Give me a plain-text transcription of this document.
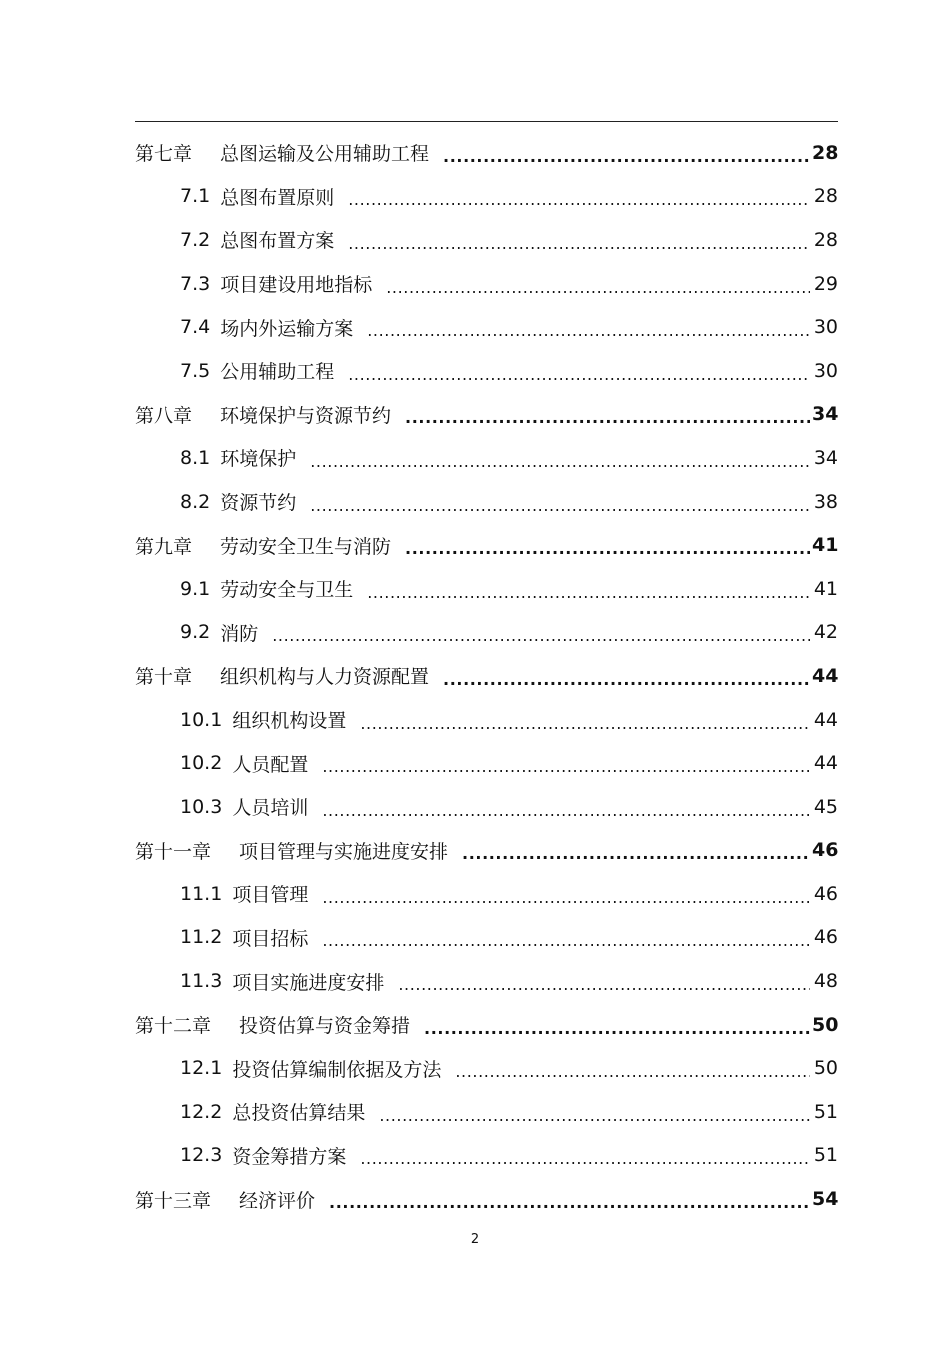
第七章 总图运输及公用辅助工程 .....	28
7.1 总图布置原则 .....	28
7.2 总图布置方案 .....	28
7.3 项目建设用地指标 .....	29
7.4 场内外运输方案 .....	30
7.5 公用辅助工程 .....	30
第八章 环境保护与资源节约 .....	34
8.1 环境保护 .....	34
8.2 资源节约 .....	38
第九章 劳动安全卫生与消防 .....	41
9.1 劳动安全与卫生 .....	41
9.2 消防 .....	42
第十章 组织机构与人力资源配置 .....	44
10.1 组织机构设置 .....	44
10.2 人员配置 .....	44
10.3 人员培训 .....	45
第十一章 项目管理与实施进度安排 .....	46
11.1 项目管理 .....	46
11.2 项目招标 .....	46
11.3 项目实施进度安排 .....	48
第十二章 投资估算与资金筹措 .....	50
12.1 投资估算编制依据及方法 .....	50
12.2 总投资估算结果 .....	51
12.3 资金筹措方案 .....	51
第十三章 经济评价 .....	54
2
